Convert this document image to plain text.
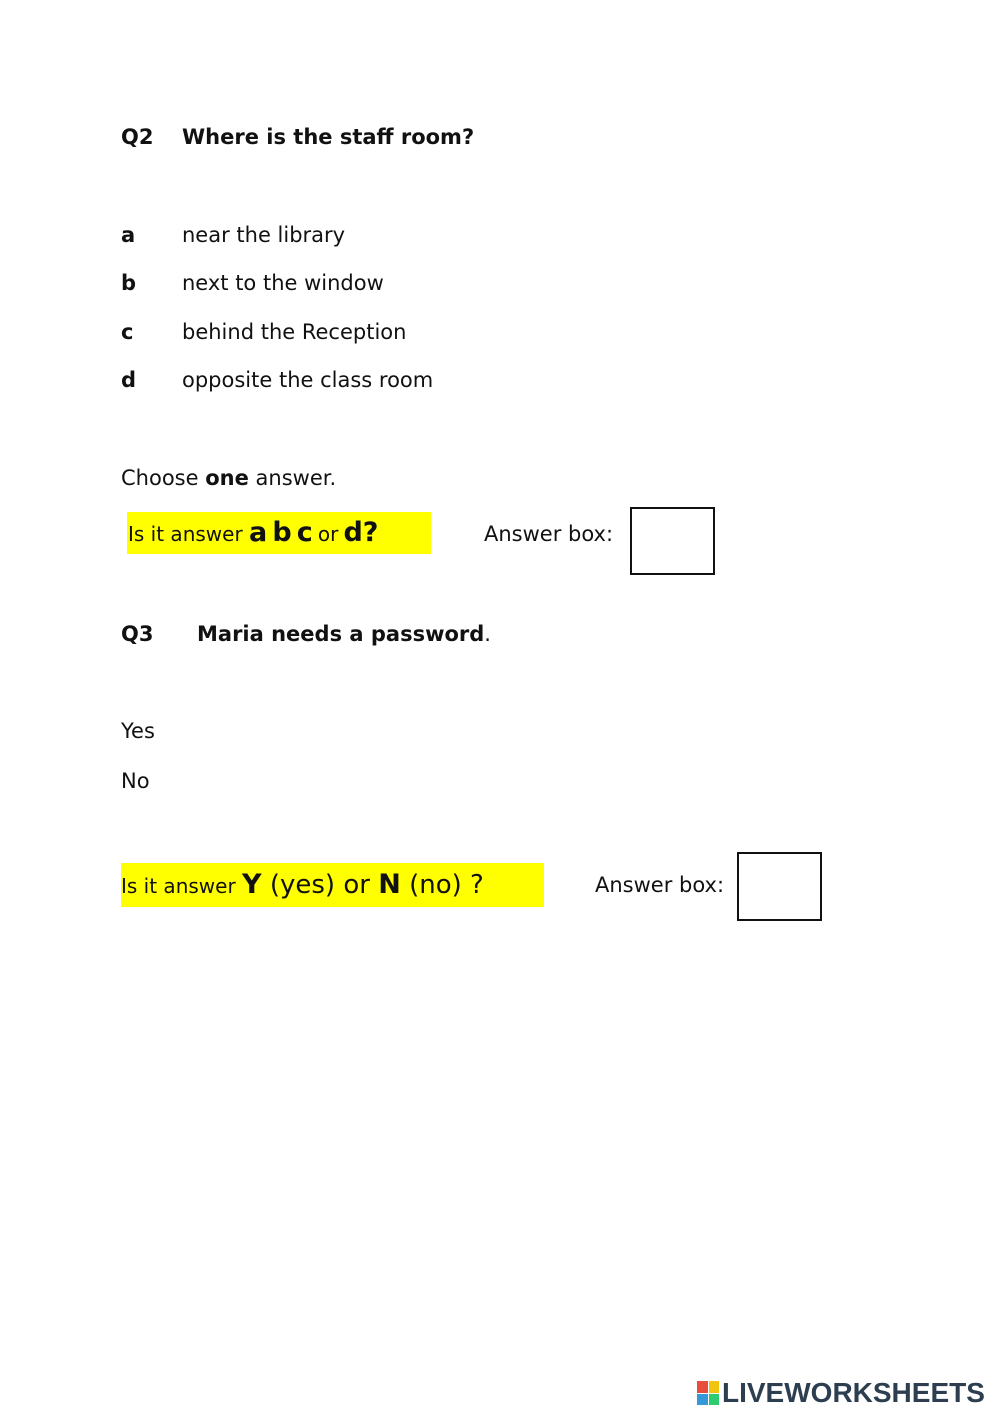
Q2 Where is the staff room?
a near the library
b next to the window
c behind the Reception
d opposite the class room
Choose one answer.
Is it answer a b c or d?	Answer box:
Q3 Maria needs a password.
Yes
No
Is it answer Y (yes) or N (no) ?	Answer box:
LIVEWORKSHEETS
